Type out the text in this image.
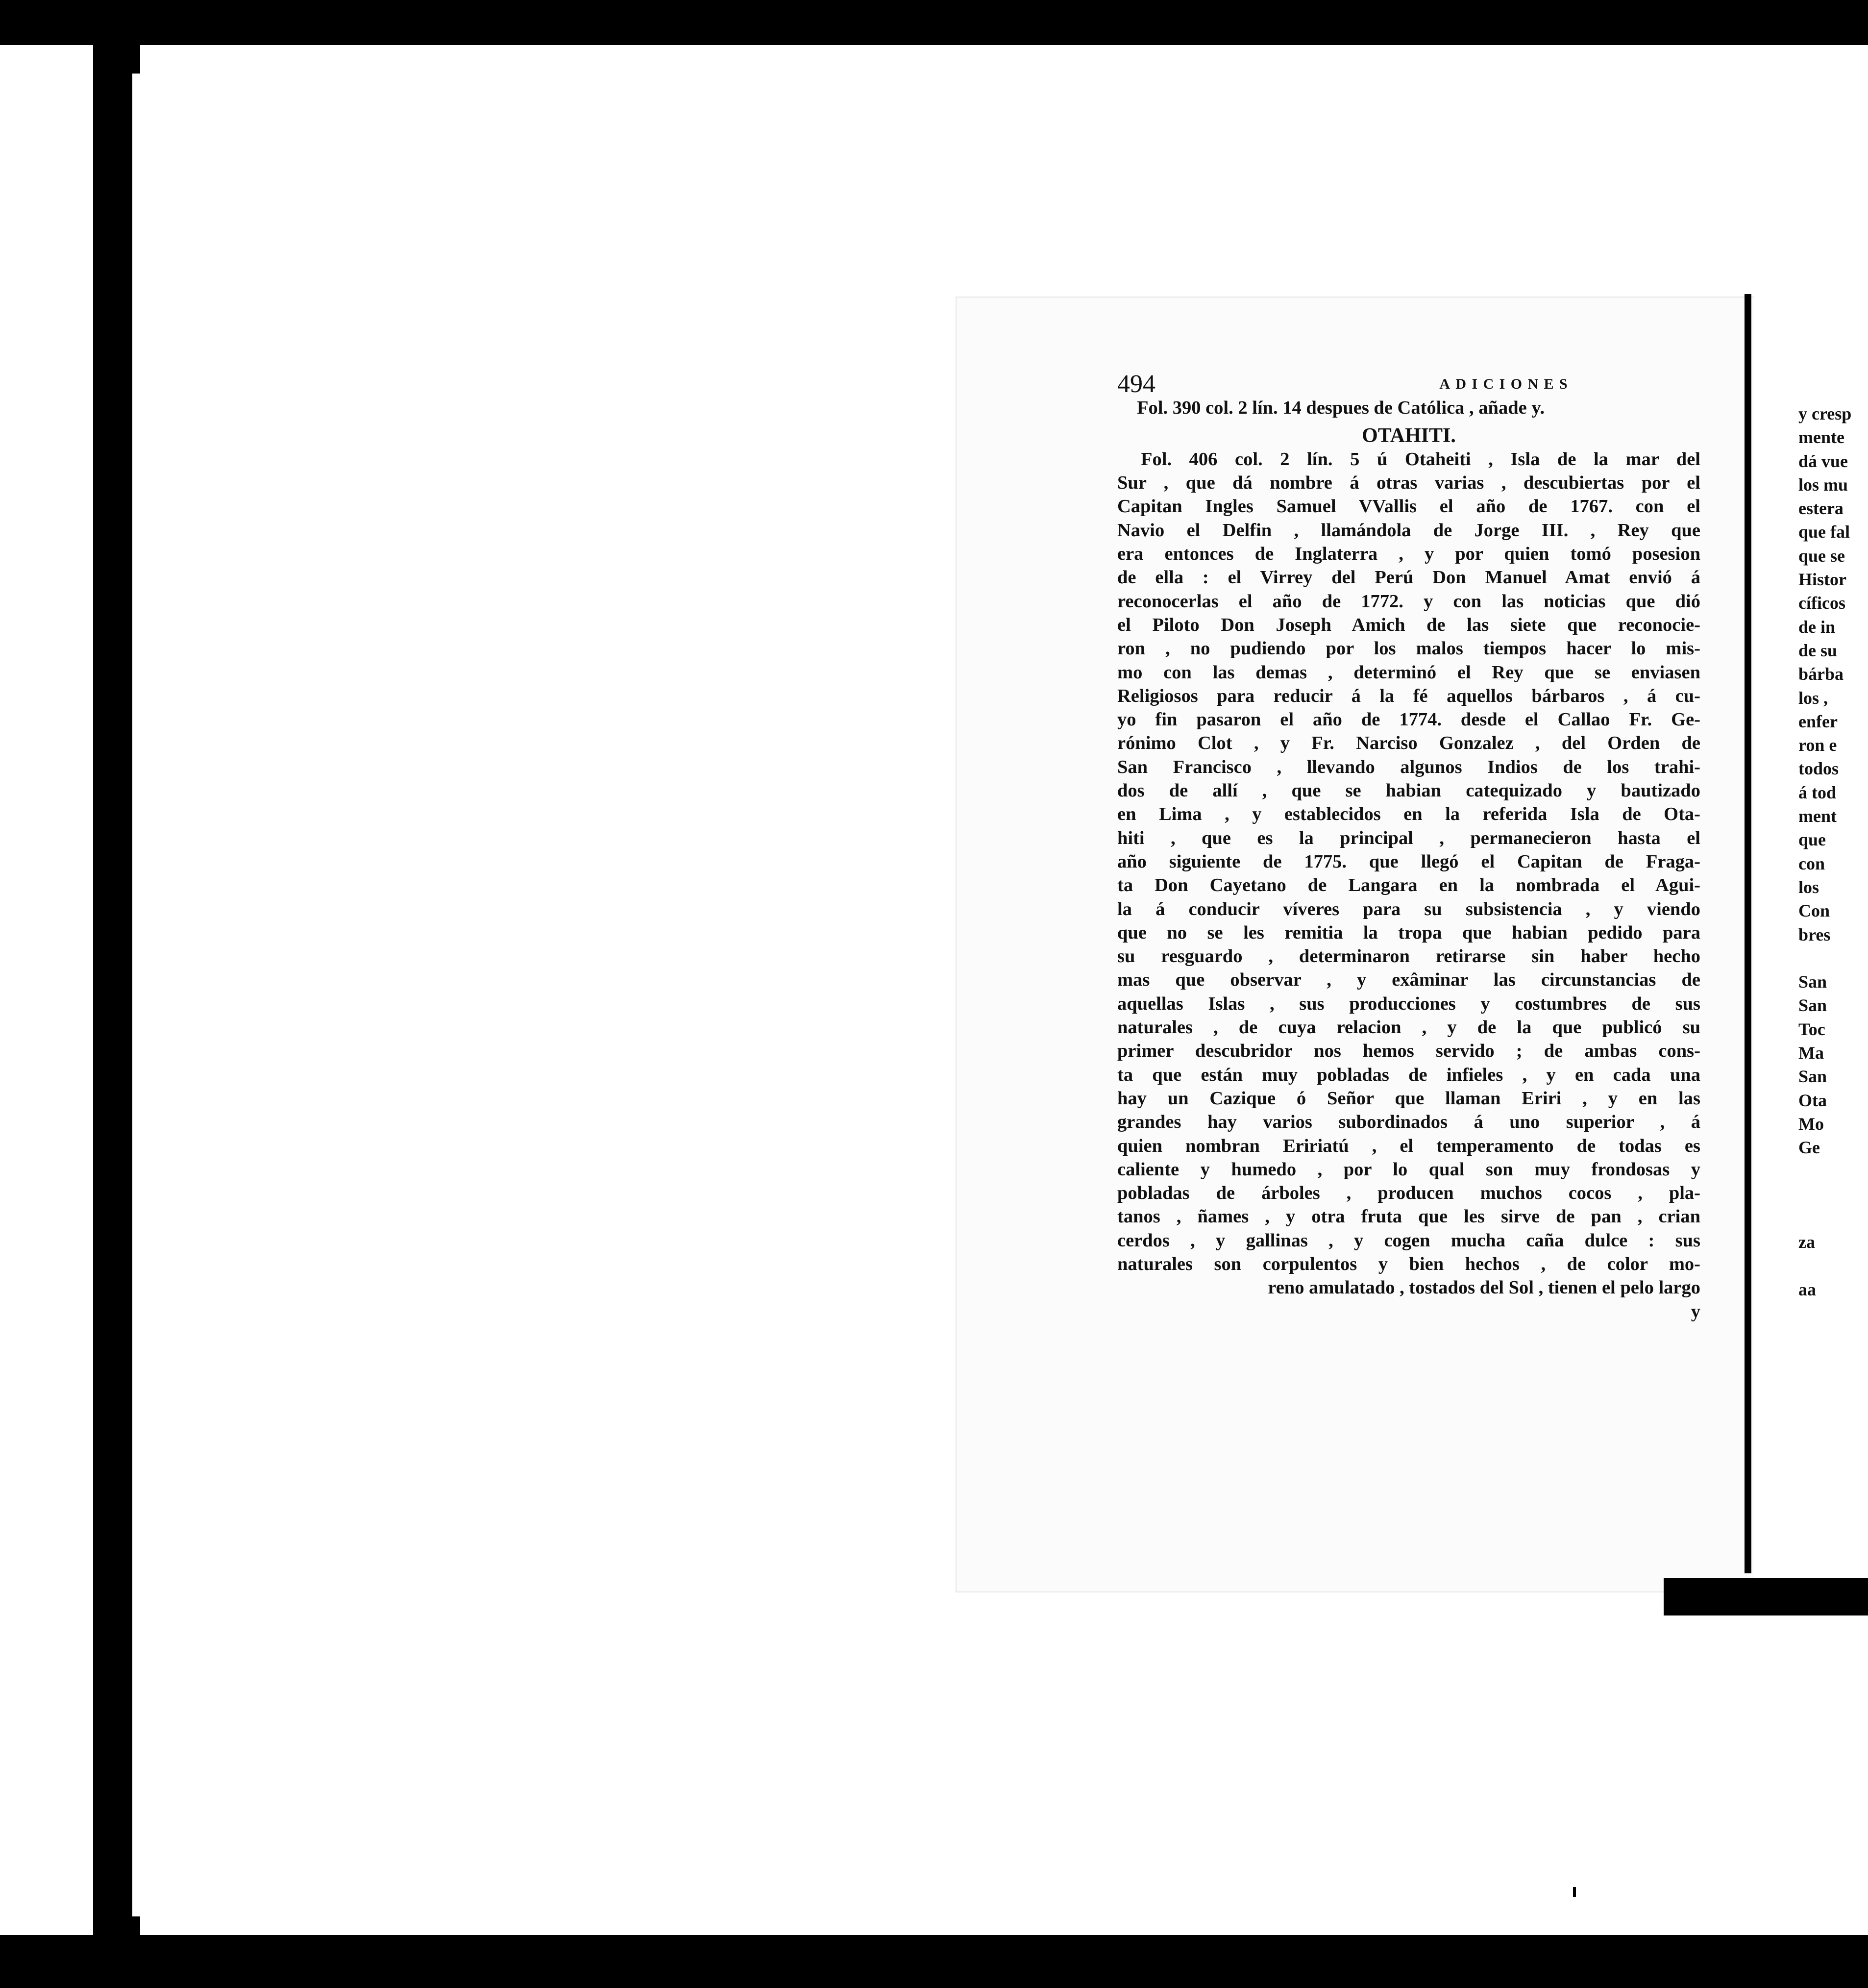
494	ADICIONES
Fol. 390 col. 2 lín. 14 despues de Católica , añade y.
OTAHITI.

Fol. 406 col. 2 lín. 5 ú Otaheiti , Isla de la mar del

Sur , que dá nombre á otras varias , descubiertas por el

Capitan Ingles Samuel VVallis el año de 1767. con el

Navio el Delfin , llamándola de Jorge III. , Rey que

era entonces de Inglaterra , y por quien tomó posesion

de ella : el Virrey del Perú Don Manuel Amat envió á

reconocerlas el año de 1772. y con las noticias que dió

el Piloto Don Joseph Amich de las siete que reconocie-

ron , no pudiendo por los malos tiempos hacer lo mis-

mo con las demas , determinó el Rey que se enviasen

Religiosos para reducir á la fé aquellos bárbaros , á cu-

yo fin pasaron el año de 1774. desde el Callao Fr. Ge-

rónimo Clot , y Fr. Narciso Gonzalez , del Orden de

San Francisco , llevando algunos Indios de los trahi-

dos de allí , que se habian catequizado y bautizado

en Lima , y establecidos en la referida Isla de Ota-

hiti , que es la principal , permanecieron hasta el

año siguiente de 1775. que llegó el Capitan de Fraga-

ta Don Cayetano de Langara en la nombrada el Agui-

la á conducir víveres para su subsistencia , y viendo

que no se les remitia la tropa que habian pedido para

su resguardo , determinaron retirarse sin haber hecho

mas que observar , y exâminar las circunstancias de

aquellas Islas , sus producciones y costumbres de sus

naturales , de cuya relacion , y de la que publicó su

primer descubridor nos hemos servido ; de ambas cons-

ta que están muy pobladas de infieles , y en cada una

hay un Cazique ó Señor que llaman Eriri , y en las

grandes hay varios subordinados á uno superior , á

quien nombran Eririatú , el temperamento de todas es

caliente y humedo , por lo qual son muy frondosas y

pobladas de árboles , producen muchos cocos , pla-

tanos , ñames , y otra fruta que les sirve de pan , crian

cerdos , y gallinas , y cogen mucha caña dulce : sus

naturales son corpulentos y bien hechos , de color mo-

reno amulatado , tostados del Sol , tienen el pelo largo

y
y cresp
mente
dá vue
los mu
estera
que fal
que se
Histor
cíficos
de in
de su
bárba
los ,
enfer
ron e
todos
á tod
ment
que
con
los
Con
bres

San
San
Toc
Ma
San
Ota
Mo
Ge

za

aa
